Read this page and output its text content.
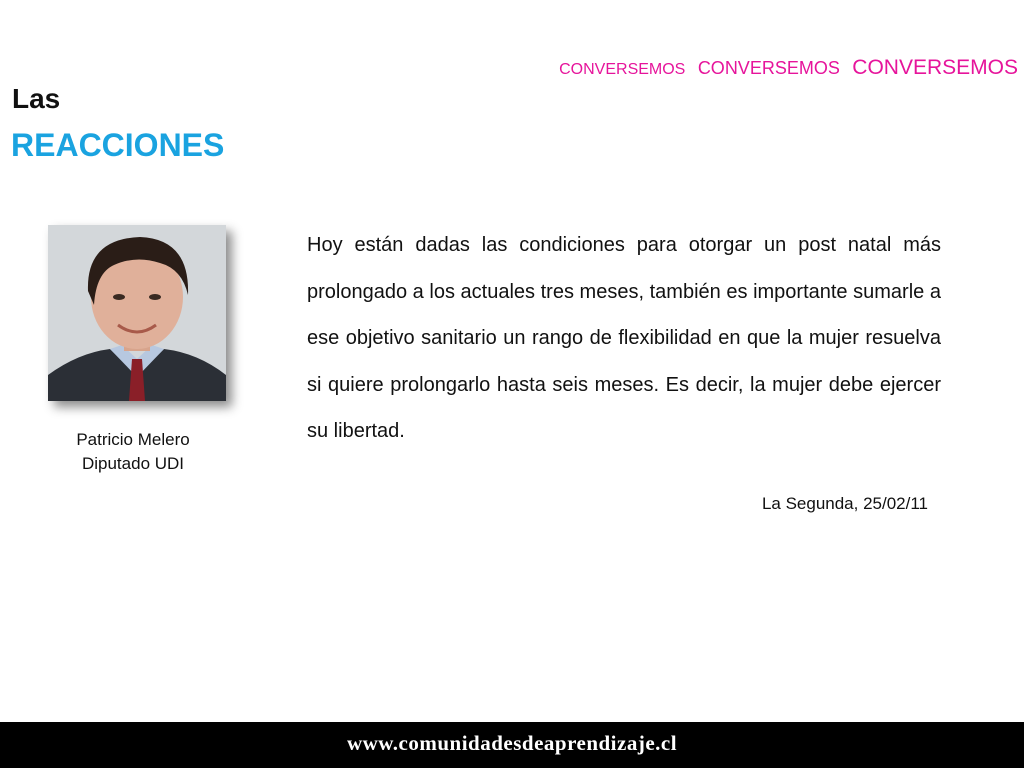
CONVERSEMOS CONVERSEMOS CONVERSEMOS
Las
REACCIONES
Patricio Melero
Diputado UDI

Hoy están dadas las condiciones para otorgar un post natal más prolongado a los actuales tres meses, también es importante sumarle a ese objetivo sanitario un rango de flexibilidad en que la mujer resuelva si quiere prolongarlo hasta seis meses. Es decir, la mujer debe ejercer su libertad.

La Segunda, 25/02/11
www.comunidadesdeaprendizaje.cl
